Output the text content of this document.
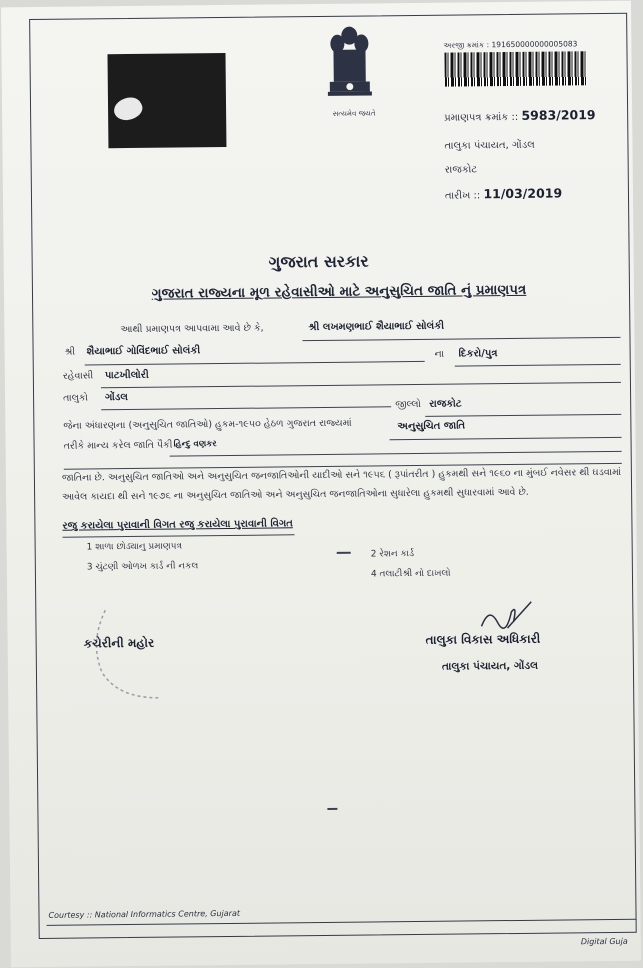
સત્યમેવ જયતે
અરજી ક્રમાંક : 191650000000005083
પ્રમાણપત્ર ક્રમાંક :: 5983/2019
તાલુકા પંચાયત, ગોંડલ
રાજકોટ
તારીખ :: 11/03/2019
ગુજરાત સરકાર
ગુજરાત રાજ્યના મૂળ રહેવાસીઓ માટે અનુસુચિત જાતિ નું પ્રમાણપત્ર
આથી પ્રમાણપત્ર આપવામા આવે છે કે,	શ્રી લખમણભાઈ શૈયાભાઈ સોલંકી
શ્રી શૈયાભાઈ ગોવિંદભાઈ સોલંકી	ના દિકરો/પુત્ર
રહેવાસી પાટખીલોરી
તાલુકો ગોંડલ
જીલ્લો રાજકોટ
જેના અંધારણના (અનુસુચિત જાતિઓ) હુકમ-૧૯૫૦ હેઠળ ગુજરાત રાજ્યમાં	અનુસુચિત જાતિ
તરીકે માન્ય કરેલ જાતિ પૈકી હિન્દુ વણકર
જાતિના છે. અનુસુચિત જાતિઓ અને અનુસુચિત જનજાતિઓની યાદીઓ સને ૧૯૫૬ ( રૂપાંતરીત ) હુકમથી સને ૧૯૬૦ ના મુંબઈ નવેસર થી ઘડવામાં આવેલ કાયદા થી સને ૧૯૭૬ ના અનુસુચિત જાતિઓ અને અનુસુચિત જનજાતિઓના સુધારેલા હુકમથી સુધારવામાં આવે છે.
રજુ કરાયેલા પુરાવાની વિગત રજુ કરાયેલા પુરાવાની વિગત
1 શાળા છોડ્યાનુ પ્રમાણપત્ર
2 રેશન કાર્ડ
3 ચુંટણી ઓળખ કાર્ડ ની નકલ
4 તલાટીશ્રી નો દાખલો
કચેરીની મહોર	તાલુકા વિકાસ અધિકારી
તાલુકા પંચાયત, ગોંડલ
Courtesy :: National Informatics Centre, Gujarat
Digital Guja
